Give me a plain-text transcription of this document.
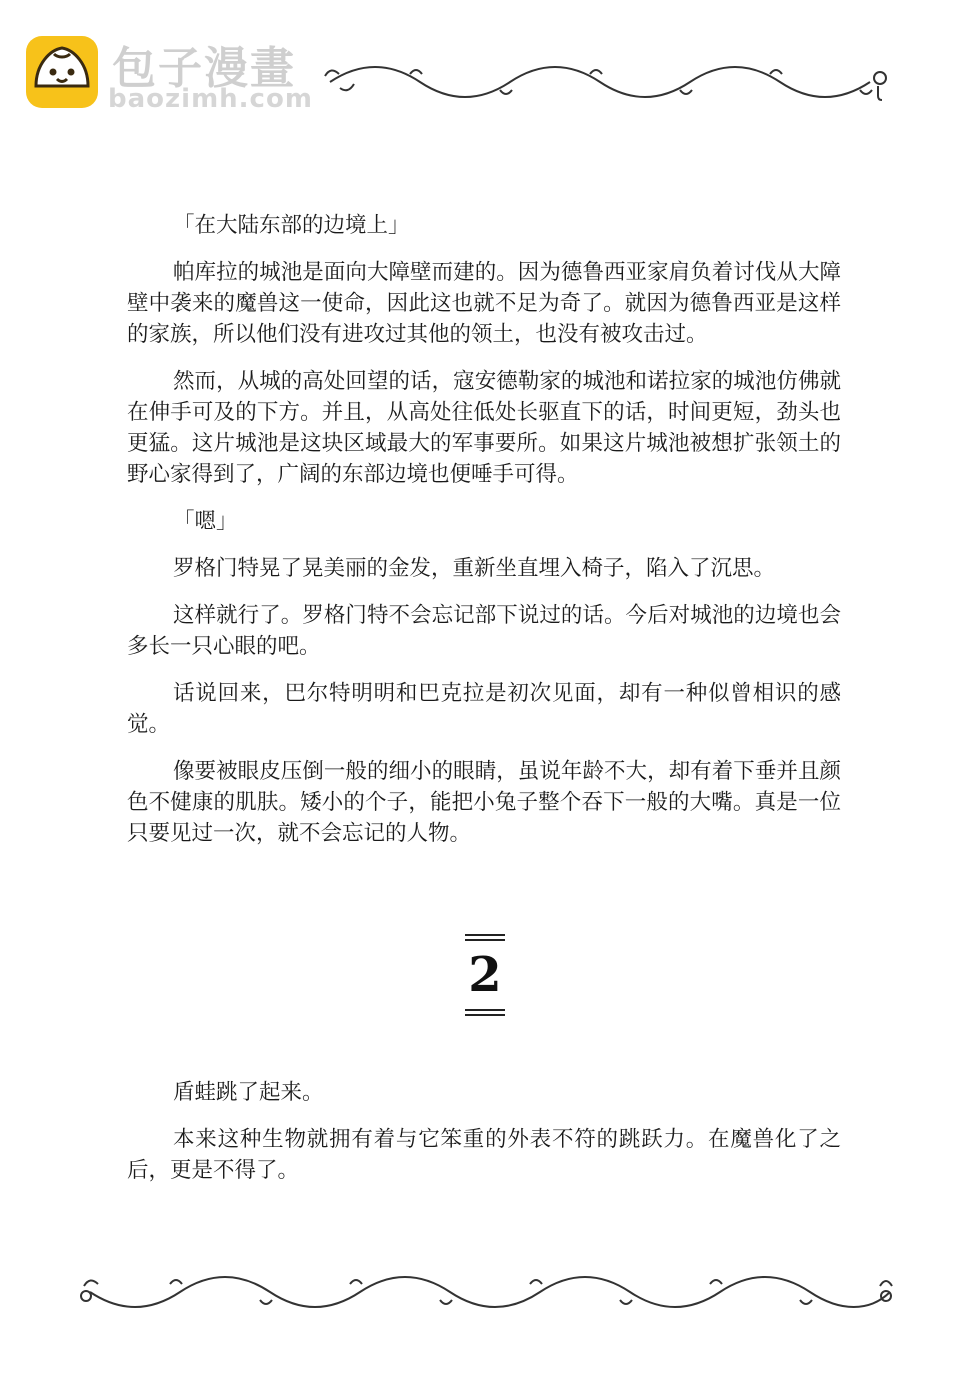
包子漫畫
baozimh.com

「在大陆东部的边境上」

帕库拉的城池是面向大障壁而建的。因为德鲁西亚家肩负着讨伐从大障壁中袭来的魔兽这一使命，因此这也就不足为奇了。就因为德鲁西亚是这样的家族，所以他们没有进攻过其他的领土，也没有被攻击过。

然而，从城的高处回望的话，寇安德勒家的城池和诺拉家的城池仿佛就在伸手可及的下方。并且，从高处往低处长驱直下的话，时间更短，劲头也更猛。这片城池是这块区域最大的军事要所。如果这片城池被想扩张领土的野心家得到了，广阔的东部边境也便唾手可得。

「嗯」

罗格门特晃了晃美丽的金发，重新坐直埋入椅子，陷入了沉思。

这样就行了。罗格门特不会忘记部下说过的话。今后对城池的边境也会多长一只心眼的吧。

话说回来，巴尔特明明和巴克拉是初次见面，却有一种似曾相识的感觉。

像要被眼皮压倒一般的细小的眼睛，虽说年龄不大，却有着下垂并且颜色不健康的肌肤。矮小的个子，能把小兔子整个吞下一般的大嘴。真是一位只要见过一次，就不会忘记的人物。

2

盾蛙跳了起来。

本来这种生物就拥有着与它笨重的外表不符的跳跃力。在魔兽化了之后，更是不得了。
